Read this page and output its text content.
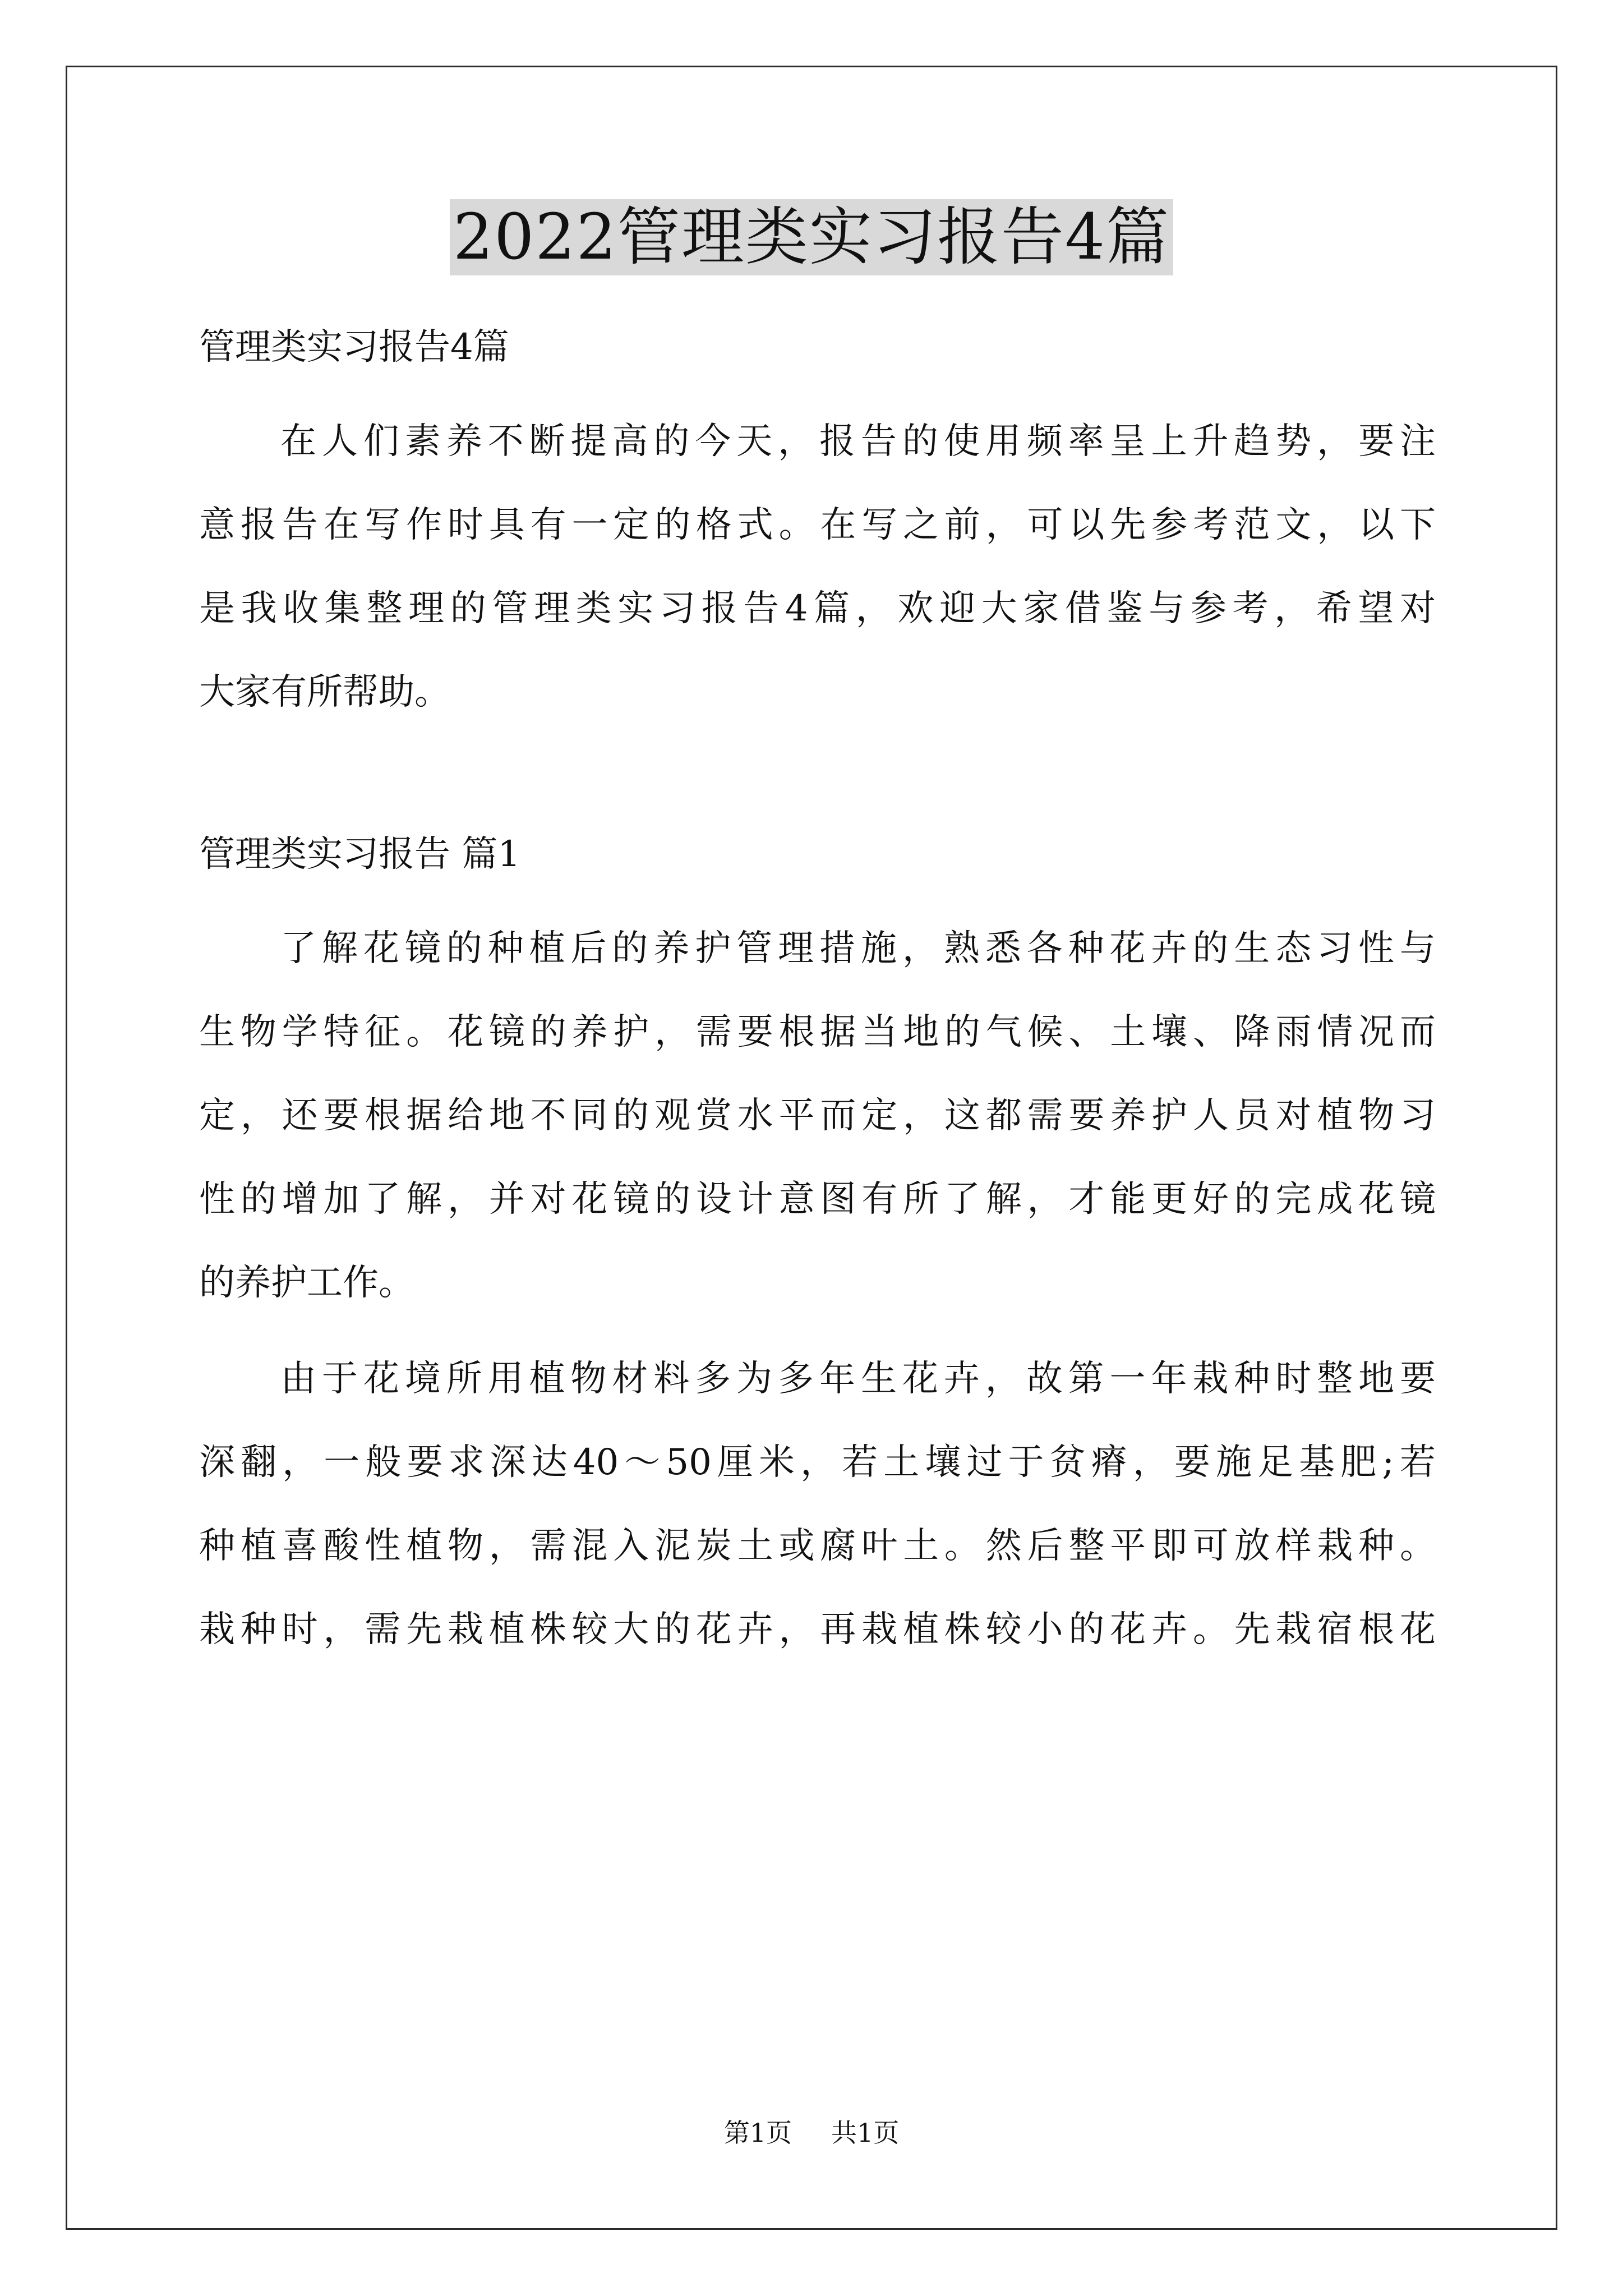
2022管理类实习报告4篇

管理类实习报告4篇

在人们素养不断提高的今天，报告的使用频率呈上升趋势，要注
意报告在写作时具有一定的格式。在写之前，可以先参考范文，以下
是我收集整理的管理类实习报告4篇，欢迎大家借鉴与参考，希望对
大家有所帮助。

管理类实习报告 篇1

了解花镜的种植后的养护管理措施，熟悉各种花卉的生态习性与
生物学特征。花镜的养护，需要根据当地的气候、土壤、降雨情况而
定，还要根据给地不同的观赏水平而定，这都需要养护人员对植物习
性的增加了解，并对花镜的设计意图有所了解，才能更好的完成花镜
的养护工作。
由于花境所用植物材料多为多年生花卉，故第一年栽种时整地要
深翻，一般要求深达40～50厘米，若土壤过于贫瘠，要施足基肥;若
种植喜酸性植物，需混入泥炭土或腐叶土。然后整平即可放样栽种。
栽种时，需先栽植株较大的花卉，再栽植株较小的花卉。先栽宿根花
第1页 共1页
